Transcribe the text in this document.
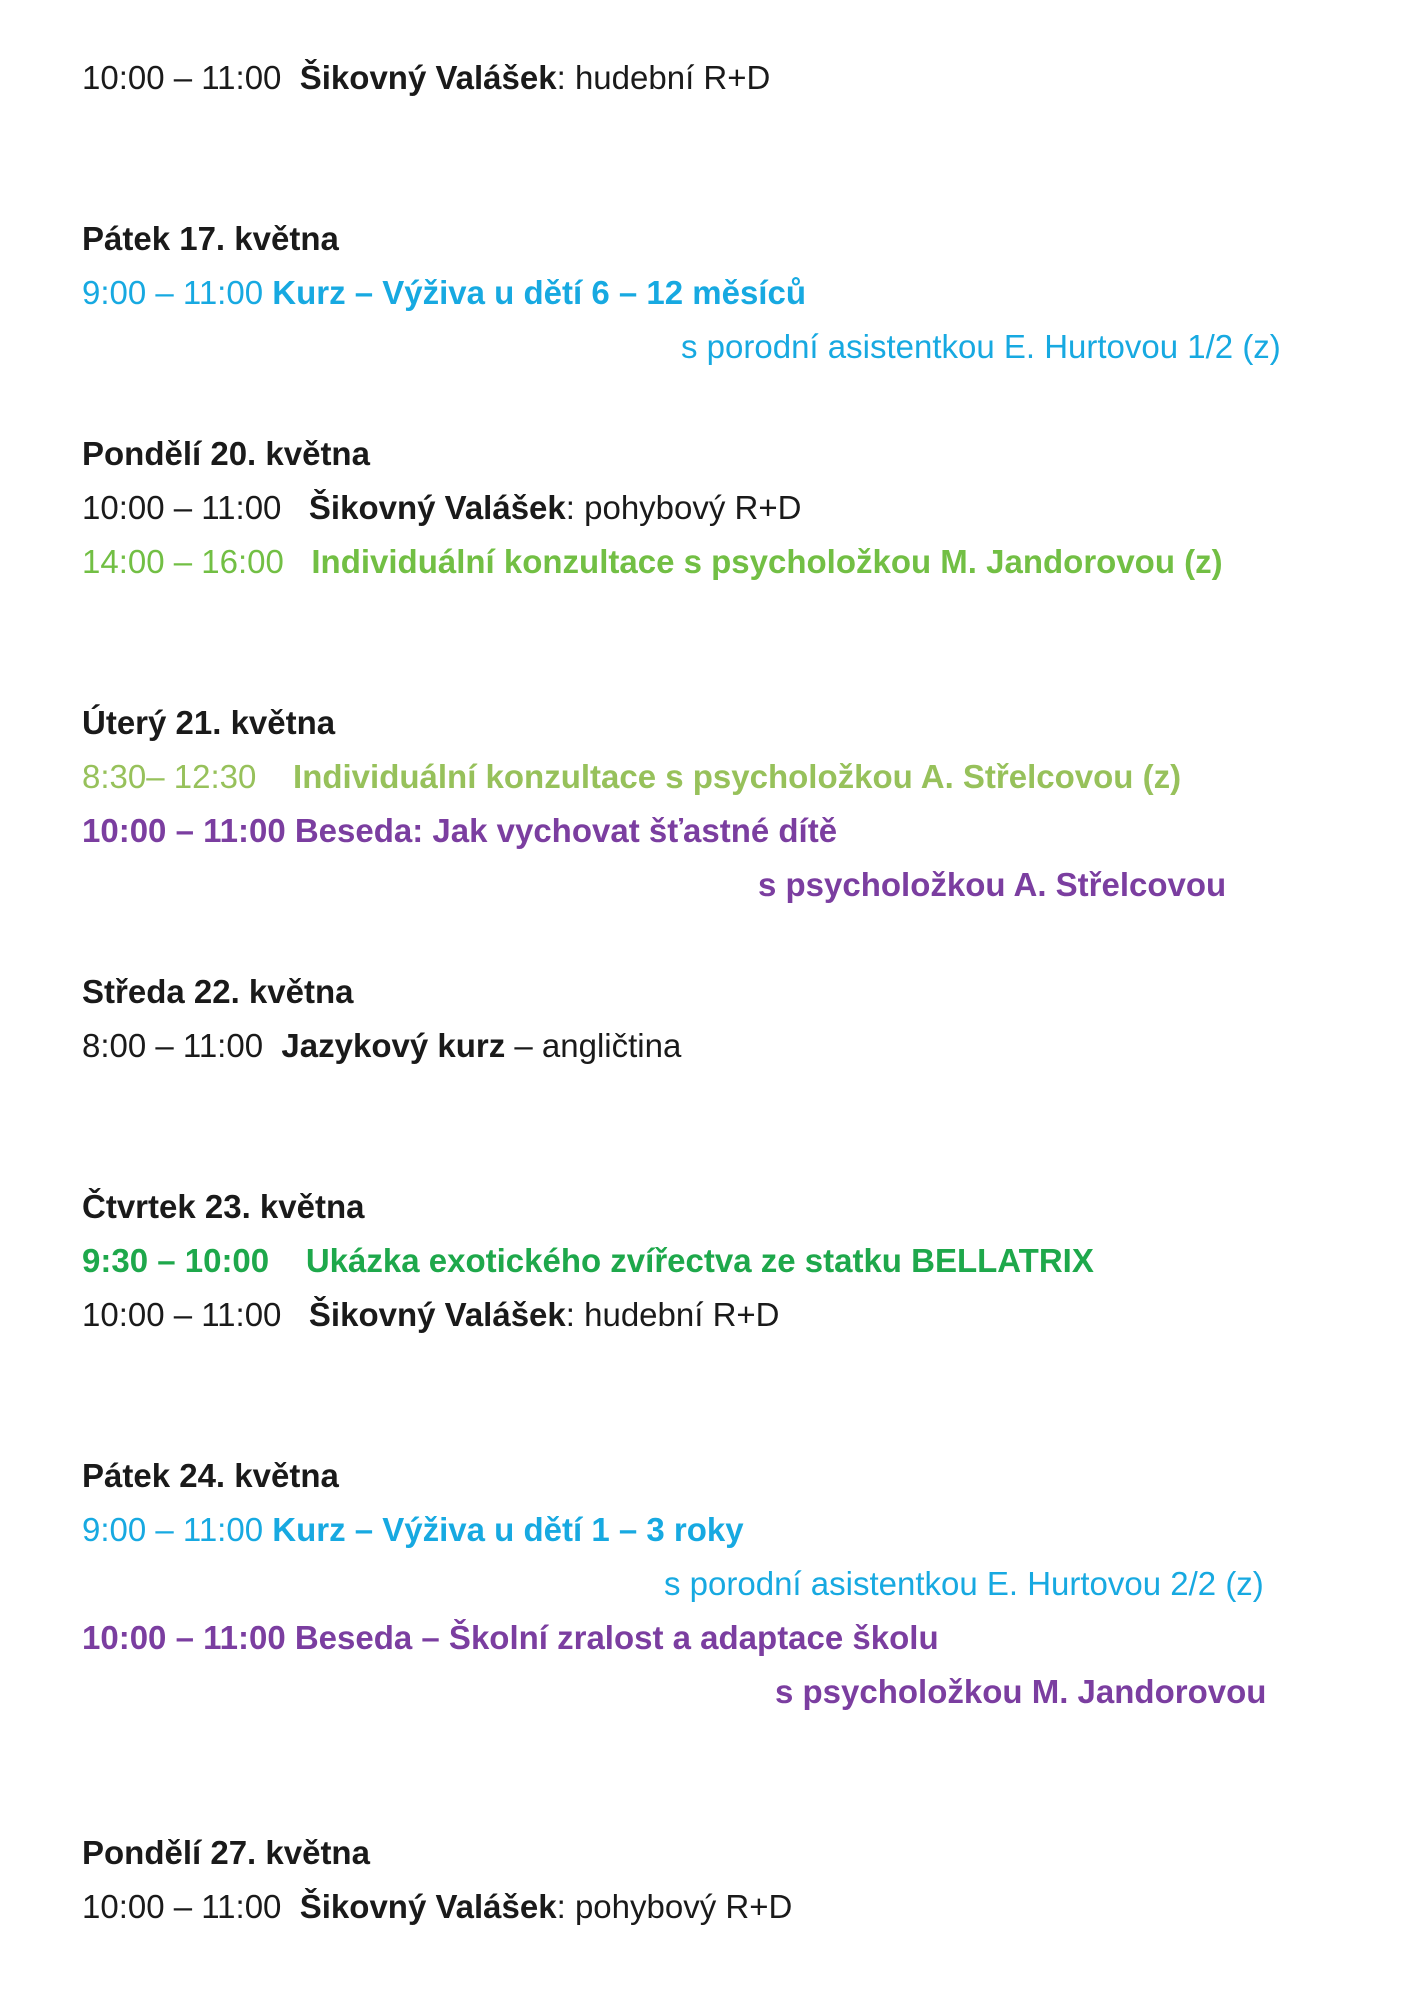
10:00 – 11:00 Šikovný Valášek: hudební R+D
Pátek 17. května
9:00 – 11:00 Kurz – Výživa u dětí 6 – 12 měsíců
s porodní asistentkou E. Hurtovou 1/2 (z)
Pondělí 20. května
10:00 – 11:00 Šikovný Valášek: pohybový R+D
14:00 – 16:00 Individuální konzultace s psycholožkou M. Jandorovou (z)
Úterý 21. května
8:30– 12:30 Individuální konzultace s psycholožkou A. Střelcovou (z)
10:00 – 11:00 Beseda: Jak vychovat šťastné dítě
s psycholožkou A. Střelcovou
Středa 22. května
8:00 – 11:00 Jazykový kurz – angličtina
Čtvrtek 23. května
9:30 – 10:00 Ukázka exotického zvířectva ze statku BELLATRIX
10:00 – 11:00 Šikovný Valášek: hudební R+D
Pátek 24. května
9:00 – 11:00 Kurz – Výživa u dětí 1 – 3 roky
s porodní asistentkou E. Hurtovou 2/2 (z)
10:00 – 11:00 Beseda – Školní zralost a adaptace školu
s psycholožkou M. Jandorovou
Pondělí 27. května
10:00 – 11:00 Šikovný Valášek: pohybový R+D
